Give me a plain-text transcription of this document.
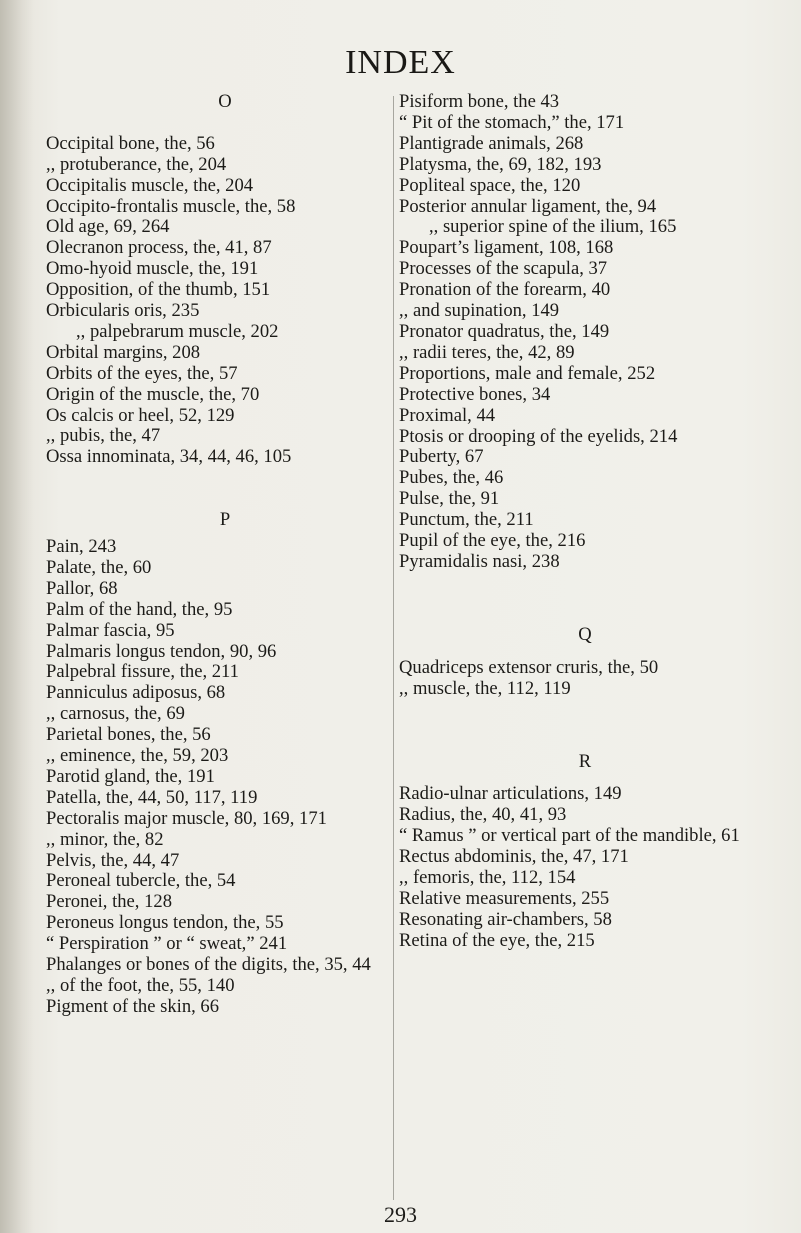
INDEX
O
Occipital bone, the, 56
,, protuberance, the, 204
Occipitalis muscle, the, 204
Occipito-frontalis muscle, the, 58
Old age, 69, 264
Olecranon process, the, 41, 87
Omo-hyoid muscle, the, 191
Opposition, of the thumb, 151
Orbicularis oris, 235
,, palpebrarum muscle, 202
Orbital margins, 208
Orbits of the eyes, the, 57
Origin of the muscle, the, 70
Os calcis or heel, 52, 129
,, pubis, the, 47
Ossa innominata, 34, 44, 46, 105
P
Pain, 243
Palate, the, 60
Pallor, 68
Palm of the hand, the, 95
Palmar fascia, 95
Palmaris longus tendon, 90, 96
Palpebral fissure, the, 211
Panniculus adiposus, 68
,, carnosus, the, 69
Parietal bones, the, 56
,, eminence, the, 59, 203
Parotid gland, the, 191
Patella, the, 44, 50, 117, 119
Pectoralis major muscle, 80, 169, 171
,, minor, the, 82
Pelvis, the, 44, 47
Peroneal tubercle, the, 54
Peronei, the, 128
Peroneus longus tendon, the, 55
“ Perspiration ” or “ sweat,” 241
Phalanges or bones of the digits, the, 35, 44
,, of the foot, the, 55, 140
Pigment of the skin, 66
Pisiform bone, the 43
“ Pit of the stomach,” the, 171
Plantigrade animals, 268
Platysma, the, 69, 182, 193
Popliteal space, the, 120
Posterior annular ligament, the, 94
,, superior spine of the ilium, 165
Poupart’s ligament, 108, 168
Processes of the scapula, 37
Pronation of the forearm, 40
,, and supination, 149
Pronator quadratus, the, 149
,, radii teres, the, 42, 89
Proportions, male and female, 252
Protective bones, 34
Proximal, 44
Ptosis or drooping of the eyelids, 214
Puberty, 67
Pubes, the, 46
Pulse, the, 91
Punctum, the, 211
Pupil of the eye, the, 216
Pyramidalis nasi, 238
Q
Quadriceps extensor cruris, the, 50
,, muscle, the, 112, 119
R
Radio-ulnar articulations, 149
Radius, the, 40, 41, 93
“ Ramus ” or vertical part of the mandible, 61
Rectus abdominis, the, 47, 171
,, femoris, the, 112, 154
Relative measurements, 255
Resonating air-chambers, 58
Retina of the eye, the, 215
293
